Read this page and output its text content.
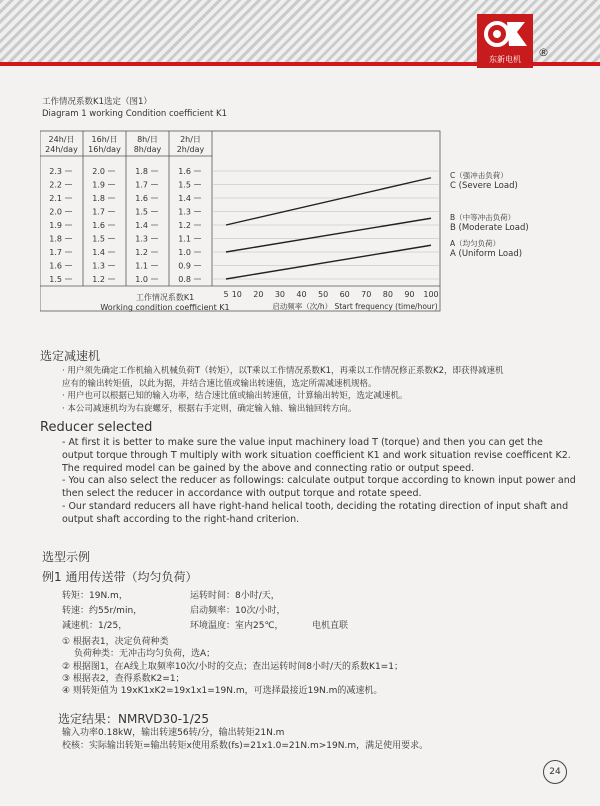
东新电机
®
工作情况系数K1选定（图1）
Diagram 1 working Condition coefficient K1
24h/日
24h/day
16h/日
16h/day
8h/日
8h/day
2h/日
2h/day
2.3
2.2
2.1
2.0
1.9
1.8
1.7
1.6
1.5
2.0
1.9
1.8
1.7
1.6
1.5
1.4
1.3
1.2
1.8
1.7
1.6
1.5
1.4
1.3
1.2
1.1
1.0
1.6
1.5
1.4
1.3
1.2
1.1
1.0
0.9
0.8
5 10 20 30 40 50 60 70 80 90 100
C（强冲击负荷）
C (Severe Load)
B（中等冲击负荷）
B (Moderate Load)
A（均匀负荷）
A (Uniform Load)
工作情况系数K1
Working condition coefficient K1	启动频率（次/h） Start frequency (time/hour)
选定减速机
· 用户须先确定工作机输入机械负荷T（转矩），以T乘以工作情况系数K1，再乘以工作情况修正系数K2，即获得减速机
应有的输出转矩值，以此为据，并结合速比值或输出转速值，选定所需减速机规格。
· 用户也可以根据已知的输入功率，结合速比值或输出转速值，计算输出转矩，选定减速机。
· 本公司减速机均为右旋螺牙，根据右手定则，确定输入轴、输出轴回转方向。
Reducer selected

- At first it is better to make sure the value input machinery load T (torque) and then you can get the output torque through T multiply with work situation coefficient K1 and work situation revise coefficent K2. The required model can be gained by the above and connecting ratio or output speed.

- You can also select the reducer as followings: calculate output torque according to known input power and then select the reducer in accordance with output torque and rotate speed.

- Our standard reducers all have right-hand helical tooth, deciding the rotating direction of input shaft and output shaft according to the right-hand criterion.

选型示例
例1 通用传送带（均匀负荷）
转矩：19N.m，	运转时间：8小时/天，
转速：约55r/min，	启动频率：10次/小时，
减速机：1/25，	环境温度：室内25℃，	电机直联
① 根据表1，决定负荷种类
负荷种类：无冲击均匀负荷，选A；
② 根据图1，在A线上取频率10次/小时的交点；查出运转时间8小时/天的系数K1=1；
③ 根据表2，查得系数K2=1；
④ 则转矩值为 19xK1xK2=19x1x1=19N.m，可选择最接近19N.m的减速机。
选定结果：NMRVD30-1/25
输入功率0.18kW，输出转速56转/分，输出转矩21N.m
校核：实际输出转矩=输出转矩x使用系数(fs)=21x1.0=21N.m>19N.m，满足使用要求。
24
